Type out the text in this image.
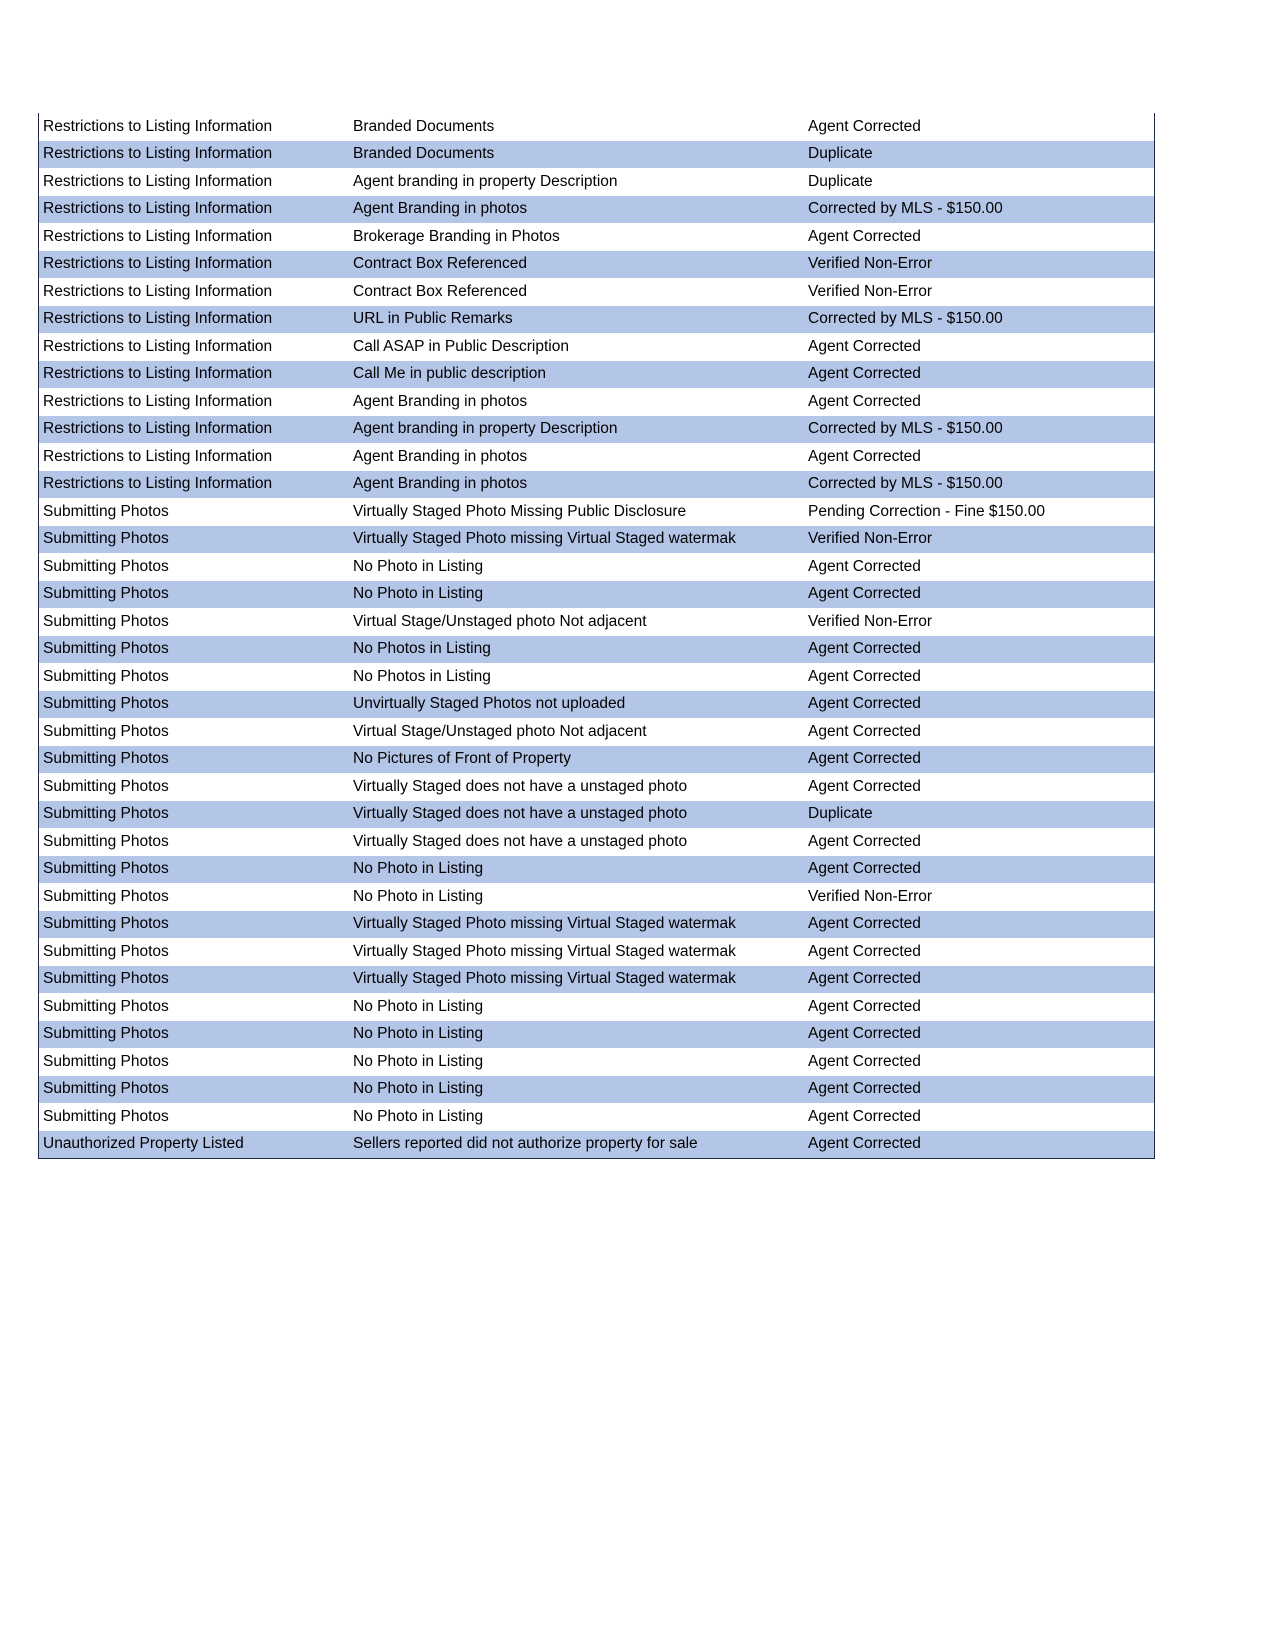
Restrictions to Listing Information	Branded Documents	Agent Corrected
Restrictions to Listing Information	Branded Documents	Duplicate
Restrictions to Listing Information	Agent branding in property Description	Duplicate
Restrictions to Listing Information	Agent Branding in photos	Corrected by MLS - $150.00
Restrictions to Listing Information	Brokerage Branding in Photos	Agent Corrected
Restrictions to Listing Information	Contract Box Referenced	Verified Non-Error
Restrictions to Listing Information	Contract Box Referenced	Verified Non-Error
Restrictions to Listing Information	URL in Public Remarks	Corrected by MLS - $150.00
Restrictions to Listing Information	Call ASAP in Public Description	Agent Corrected
Restrictions to Listing Information	Call Me in public description	Agent Corrected
Restrictions to Listing Information	Agent Branding in photos	Agent Corrected
Restrictions to Listing Information	Agent branding in property Description	Corrected by MLS - $150.00
Restrictions to Listing Information	Agent Branding in photos	Agent Corrected
Restrictions to Listing Information	Agent Branding in photos	Corrected by MLS - $150.00
Submitting Photos	Virtually Staged Photo Missing Public Disclosure	Pending Correction - Fine $150.00
Submitting Photos	Virtually Staged Photo missing Virtual Staged watermak	Verified Non-Error
Submitting Photos	No Photo in Listing	Agent Corrected
Submitting Photos	No Photo in Listing	Agent Corrected
Submitting Photos	Virtual Stage/Unstaged photo Not adjacent	Verified Non-Error
Submitting Photos	No Photos in Listing	Agent Corrected
Submitting Photos	No Photos in Listing	Agent Corrected
Submitting Photos	Unvirtually Staged Photos not uploaded	Agent Corrected
Submitting Photos	Virtual Stage/Unstaged photo Not adjacent	Agent Corrected
Submitting Photos	No Pictures of Front of Property	Agent Corrected
Submitting Photos	Virtually Staged does not have a unstaged photo	Agent Corrected
Submitting Photos	Virtually Staged does not have a unstaged photo	Duplicate
Submitting Photos	Virtually Staged does not have a unstaged photo	Agent Corrected
Submitting Photos	No Photo in Listing	Agent Corrected
Submitting Photos	No Photo in Listing	Verified Non-Error
Submitting Photos	Virtually Staged Photo missing Virtual Staged watermak	Agent Corrected
Submitting Photos	Virtually Staged Photo missing Virtual Staged watermak	Agent Corrected
Submitting Photos	Virtually Staged Photo missing Virtual Staged watermak	Agent Corrected
Submitting Photos	No Photo in Listing	Agent Corrected
Submitting Photos	No Photo in Listing	Agent Corrected
Submitting Photos	No Photo in Listing	Agent Corrected
Submitting Photos	No Photo in Listing	Agent Corrected
Submitting Photos	No Photo in Listing	Agent Corrected
Unauthorized Property Listed	Sellers reported did not authorize property for sale	Agent Corrected
